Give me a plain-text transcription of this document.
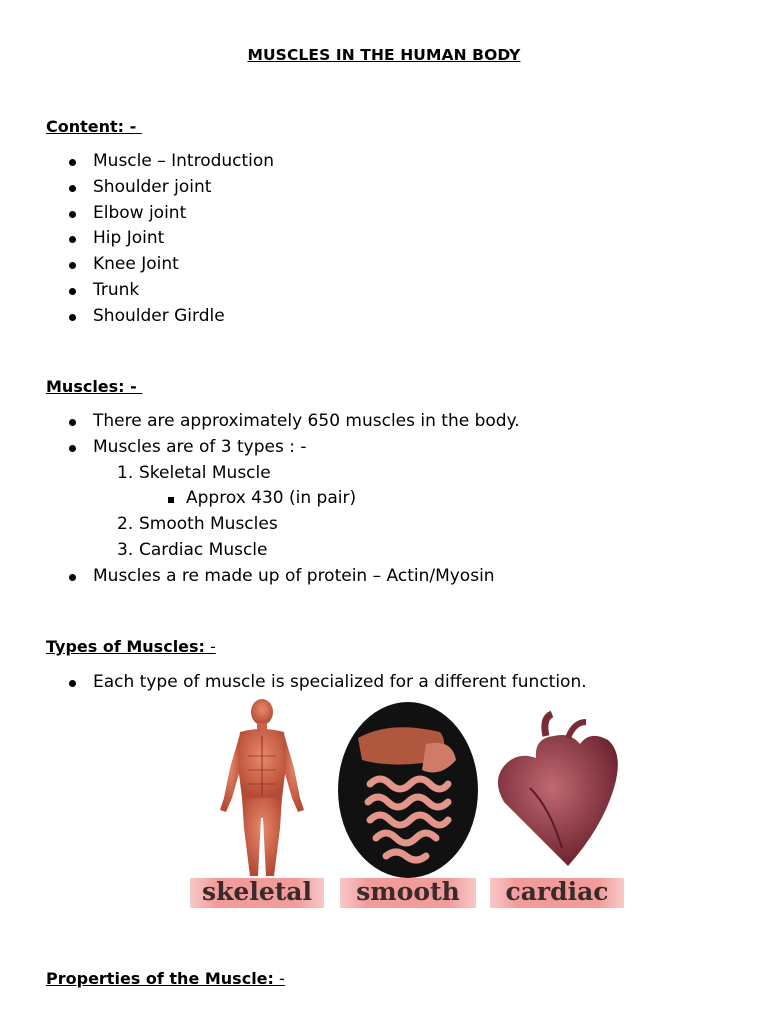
MUSCLES IN THE HUMAN BODY
Content: -
Muscle – Introduction
Shoulder joint
Elbow joint
Hip Joint
Knee Joint
Trunk
Shoulder Girdle
Muscles: -
There are approximately 650 muscles in the body.
Muscles are of 3 types : -
1. Skeletal Muscle
Approx 430 (in pair)
2. Smooth Muscles
3. Cardiac Muscle
Muscles a re made up of protein – Actin/Myosin
Types of Muscles: -
Each type of muscle is specialized for a different function.
skeletal	smooth	cardiac
Properties of the Muscle: -
